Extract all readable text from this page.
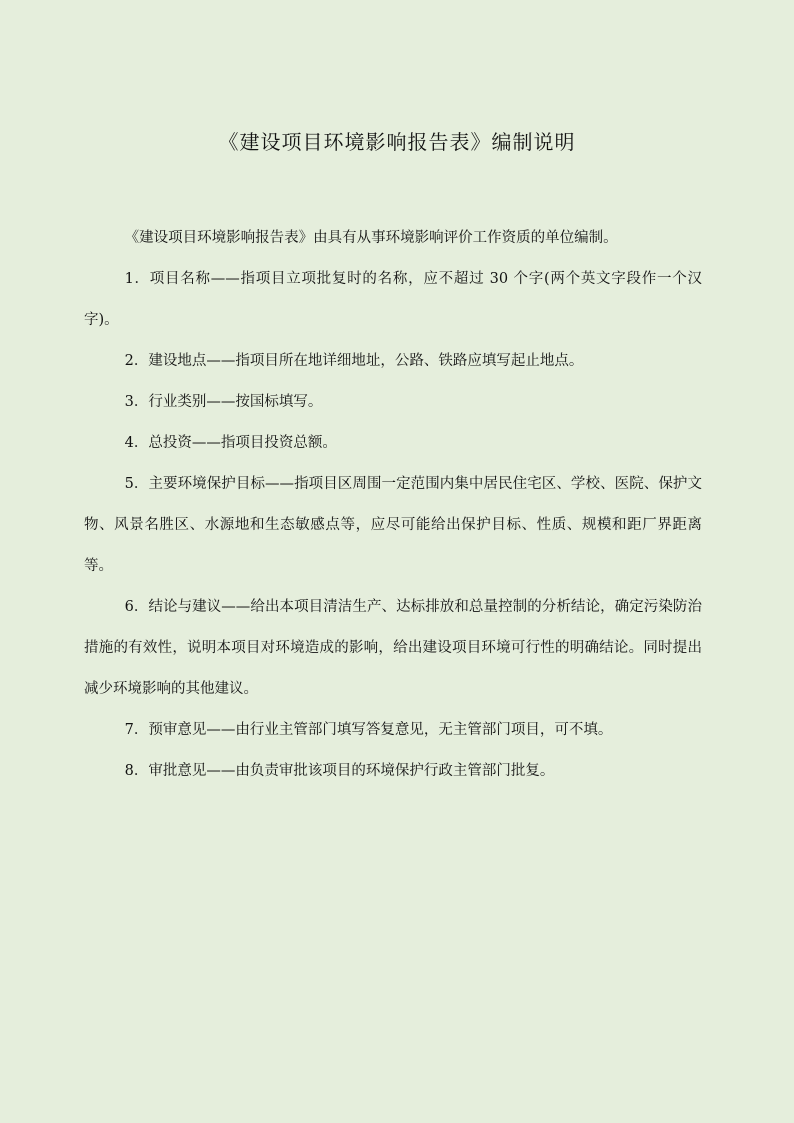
《建设项目环境影响报告表》编制说明

《建设项目环境影响报告表》由具有从事环境影响评价工作资质的单位编制。

1．项目名称——指项目立项批复时的名称，应不超过 30 个字(两个英文字段作一个汉字)。

2．建设地点——指项目所在地详细地址，公路、铁路应填写起止地点。

3．行业类别——按国标填写。

4．总投资——指项目投资总额。

5．主要环境保护目标——指项目区周围一定范围内集中居民住宅区、学校、医院、保护文物、风景名胜区、水源地和生态敏感点等，应尽可能给出保护目标、性质、规模和距厂界距离等。

6．结论与建议——给出本项目清洁生产、达标排放和总量控制的分析结论，确定污染防治措施的有效性，说明本项目对环境造成的影响，给出建设项目环境可行性的明确结论。同时提出减少环境影响的其他建议。

7．预审意见——由行业主管部门填写答复意见，无主管部门项目，可不填。

8．审批意见——由负责审批该项目的环境保护行政主管部门批复。
